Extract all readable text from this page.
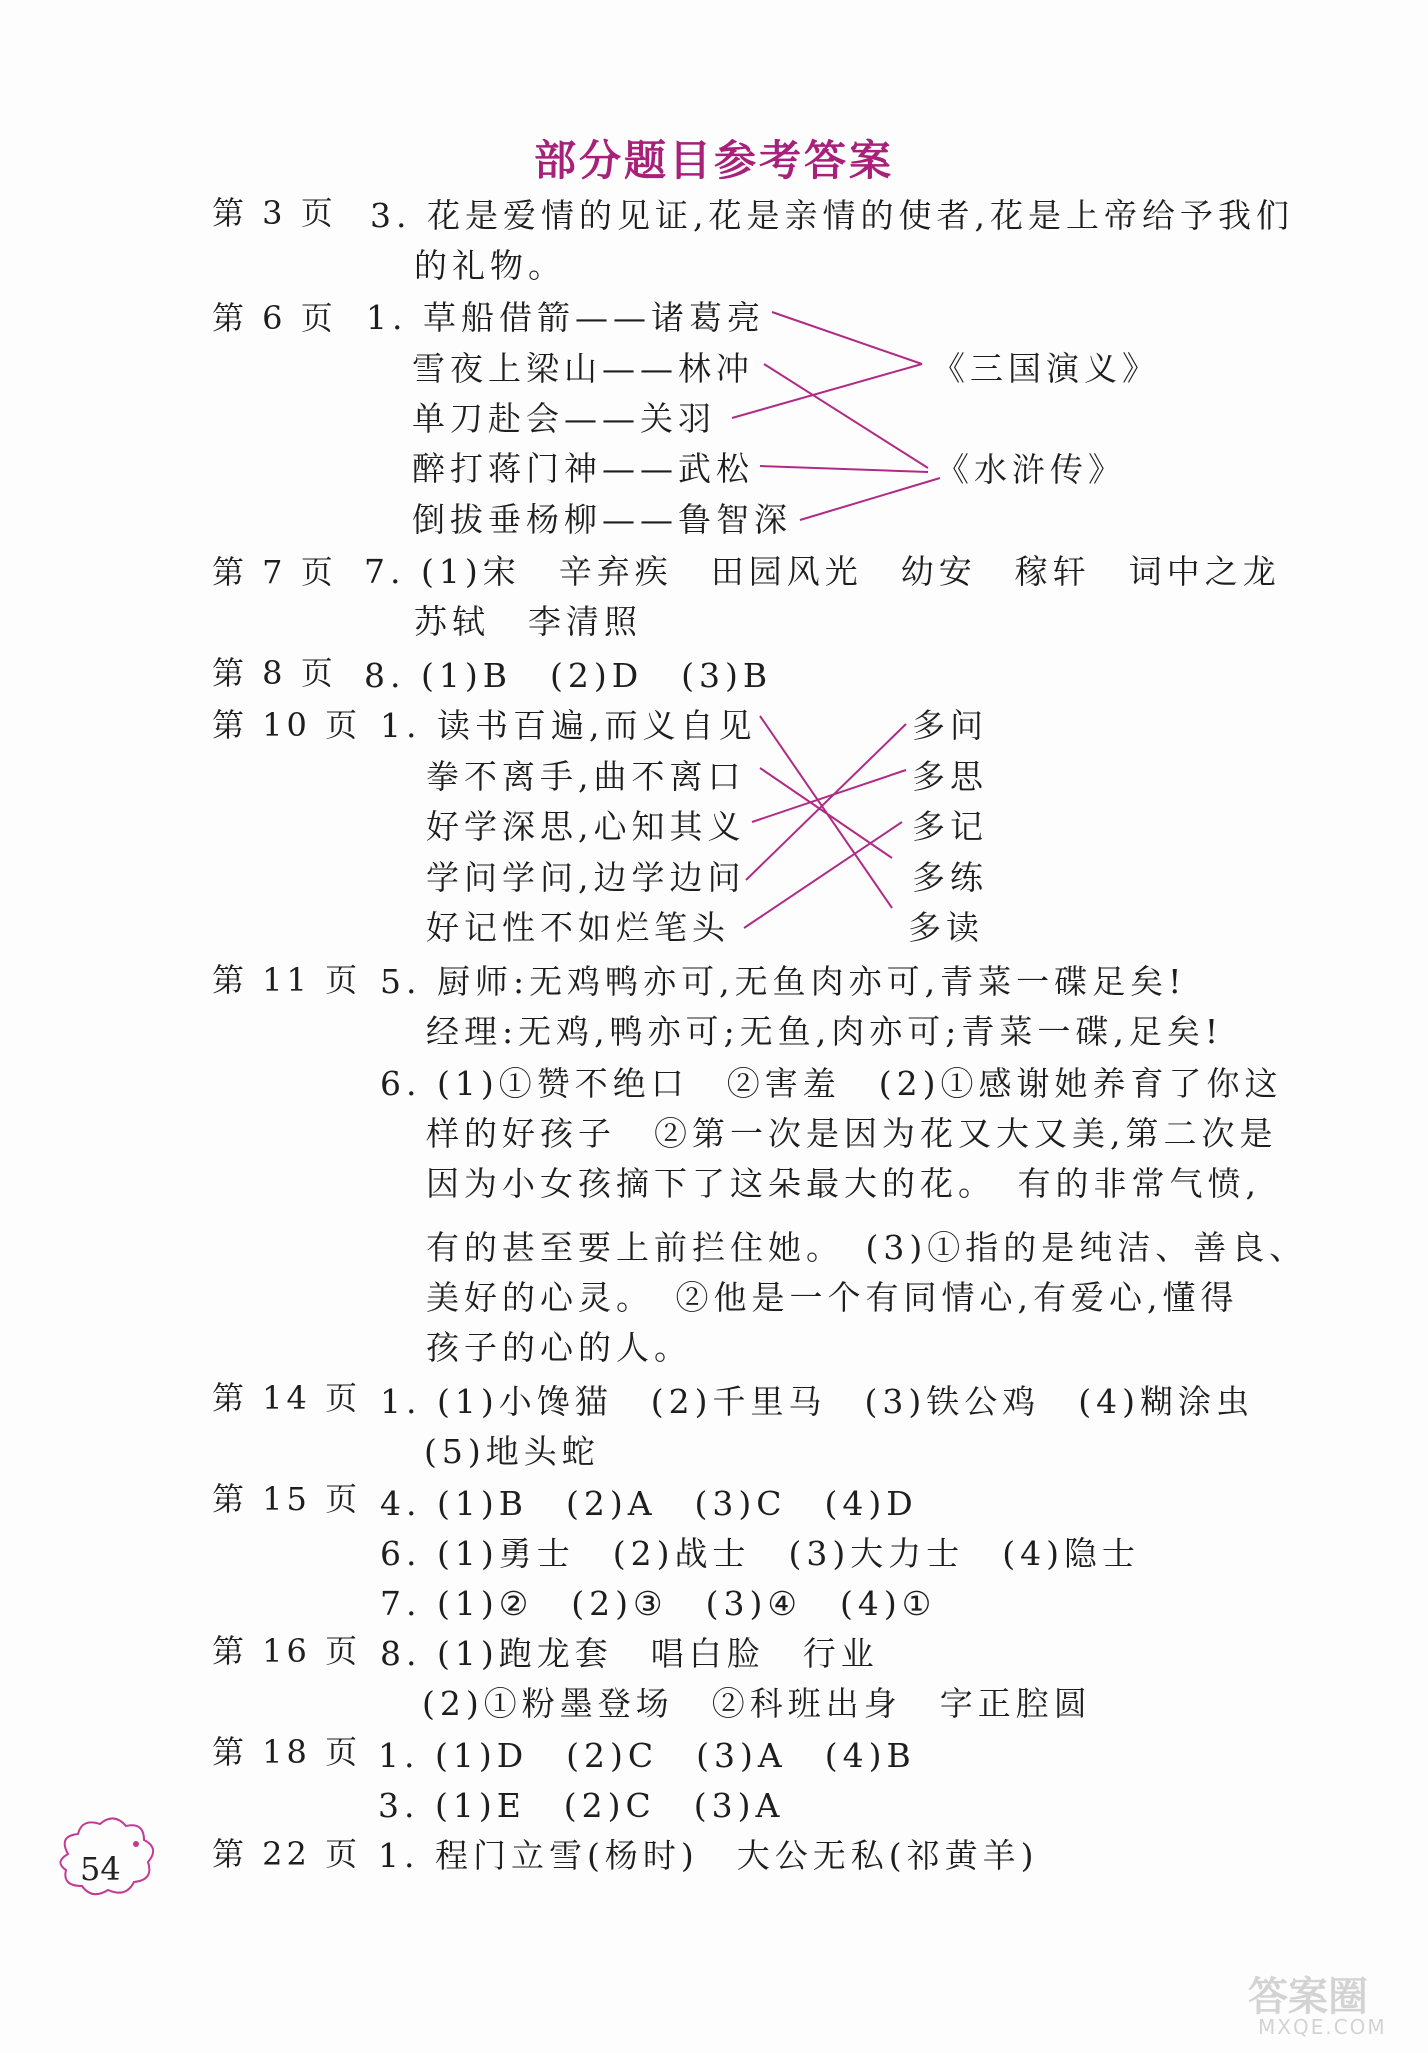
部分题目参考答案
第 3 页
第 6 页
第 7 页
第 8 页
第 10 页
第 11 页
第 14 页
第 15 页
第 16 页
第 18 页
第 22 页
3. 花是爱情的见证,花是亲情的使者,花是上帝给予我们
的礼物。
1. 草船借箭——诸葛亮
雪夜上梁山——林冲
单刀赴会——关羽
醉打蒋门神——武松
倒拔垂杨柳——鲁智深
《三国演义》
《水浒传》
7. (1)宋　辛弃疾　田园风光　幼安　稼轩　词中之龙
苏轼　李清照
8. (1)B　(2)D　(3)B
1. 读书百遍,而义自见
拳不离手,曲不离口
好学深思,心知其义
学问学问,边学边问
好记性不如烂笔头
多问
多思
多记
多练
多读
5. 厨师:无鸡鸭亦可,无鱼肉亦可,青菜一碟足矣!
经理:无鸡,鸭亦可;无鱼,肉亦可;青菜一碟,足矣!
6. (1)①赞不绝口　②害羞　(2)①感谢她养育了你这
样的好孩子　②第一次是因为花又大又美,第二次是
因为小女孩摘下了这朵最大的花。　有的非常气愤,
有的甚至要上前拦住她。　(3)①指的是纯洁、善良、
美好的心灵。　②他是一个有同情心,有爱心,懂得
孩子的心的人。
1. (1)小馋猫　(2)千里马　(3)铁公鸡　(4)糊涂虫
(5)地头蛇
4. (1)B　(2)A　(3)C　(4)D
6. (1)勇士　(2)战士　(3)大力士　(4)隐士
7. (1)②　(2)③　(3)④　(4)①
8. (1)跑龙套　唱白脸　行业
(2)①粉墨登场　②科班出身　字正腔圆
1. (1)D　(2)C　(3)A　(4)B
3. (1)E　(2)C　(3)A
1. 程门立雪(杨时)　大公无私(祁黄羊)
54
答案圈
MXQE.COM
